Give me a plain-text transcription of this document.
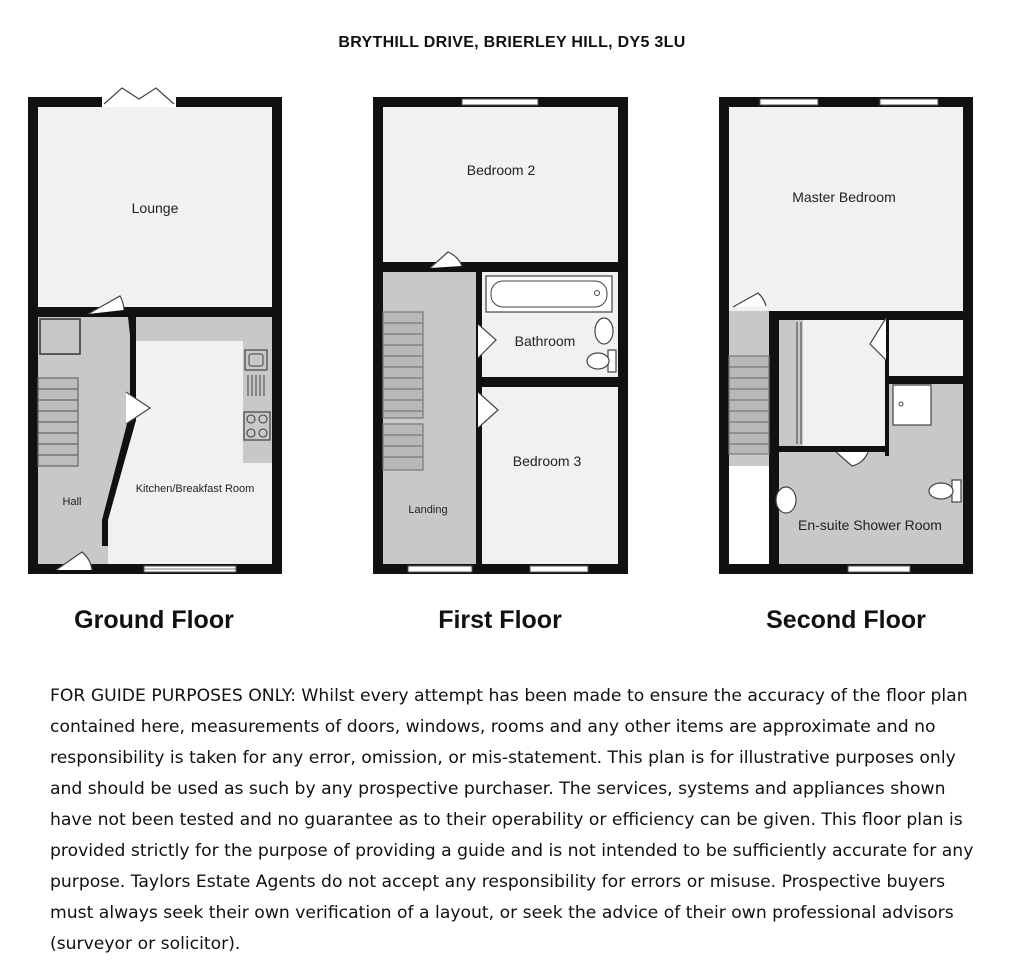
BRYTHILL DRIVE, BRIERLEY HILL, DY5 3LU
Lounge
Hall
Kitchen/Breakfast Room
Bedroom 2
Bathroom
Bedroom 3
Landing
Master Bedroom
En-suite Shower Room
Ground Floor	First Floor	Second Floor
FOR GUIDE PURPOSES ONLY: Whilst every attempt has been made to ensure the accuracy of the floor plan contained here, measurements of doors, windows, rooms and any other items are approximate and no responsibility is taken for any error, omission, or mis-statement. This plan is for illustrative purposes only and should be used as such by any prospective purchaser. The services, systems and appliances shown have not been tested and no guarantee as to their operability or efficiency can be given. This floor plan is provided strictly for the purpose of providing a guide and is not intended to be sufficiently accurate for any purpose. Taylors Estate Agents do not accept any responsibility for errors or misuse. Prospective buyers must always seek their own verification of a layout, or seek the advice of their own professional advisors (surveyor or solicitor).
